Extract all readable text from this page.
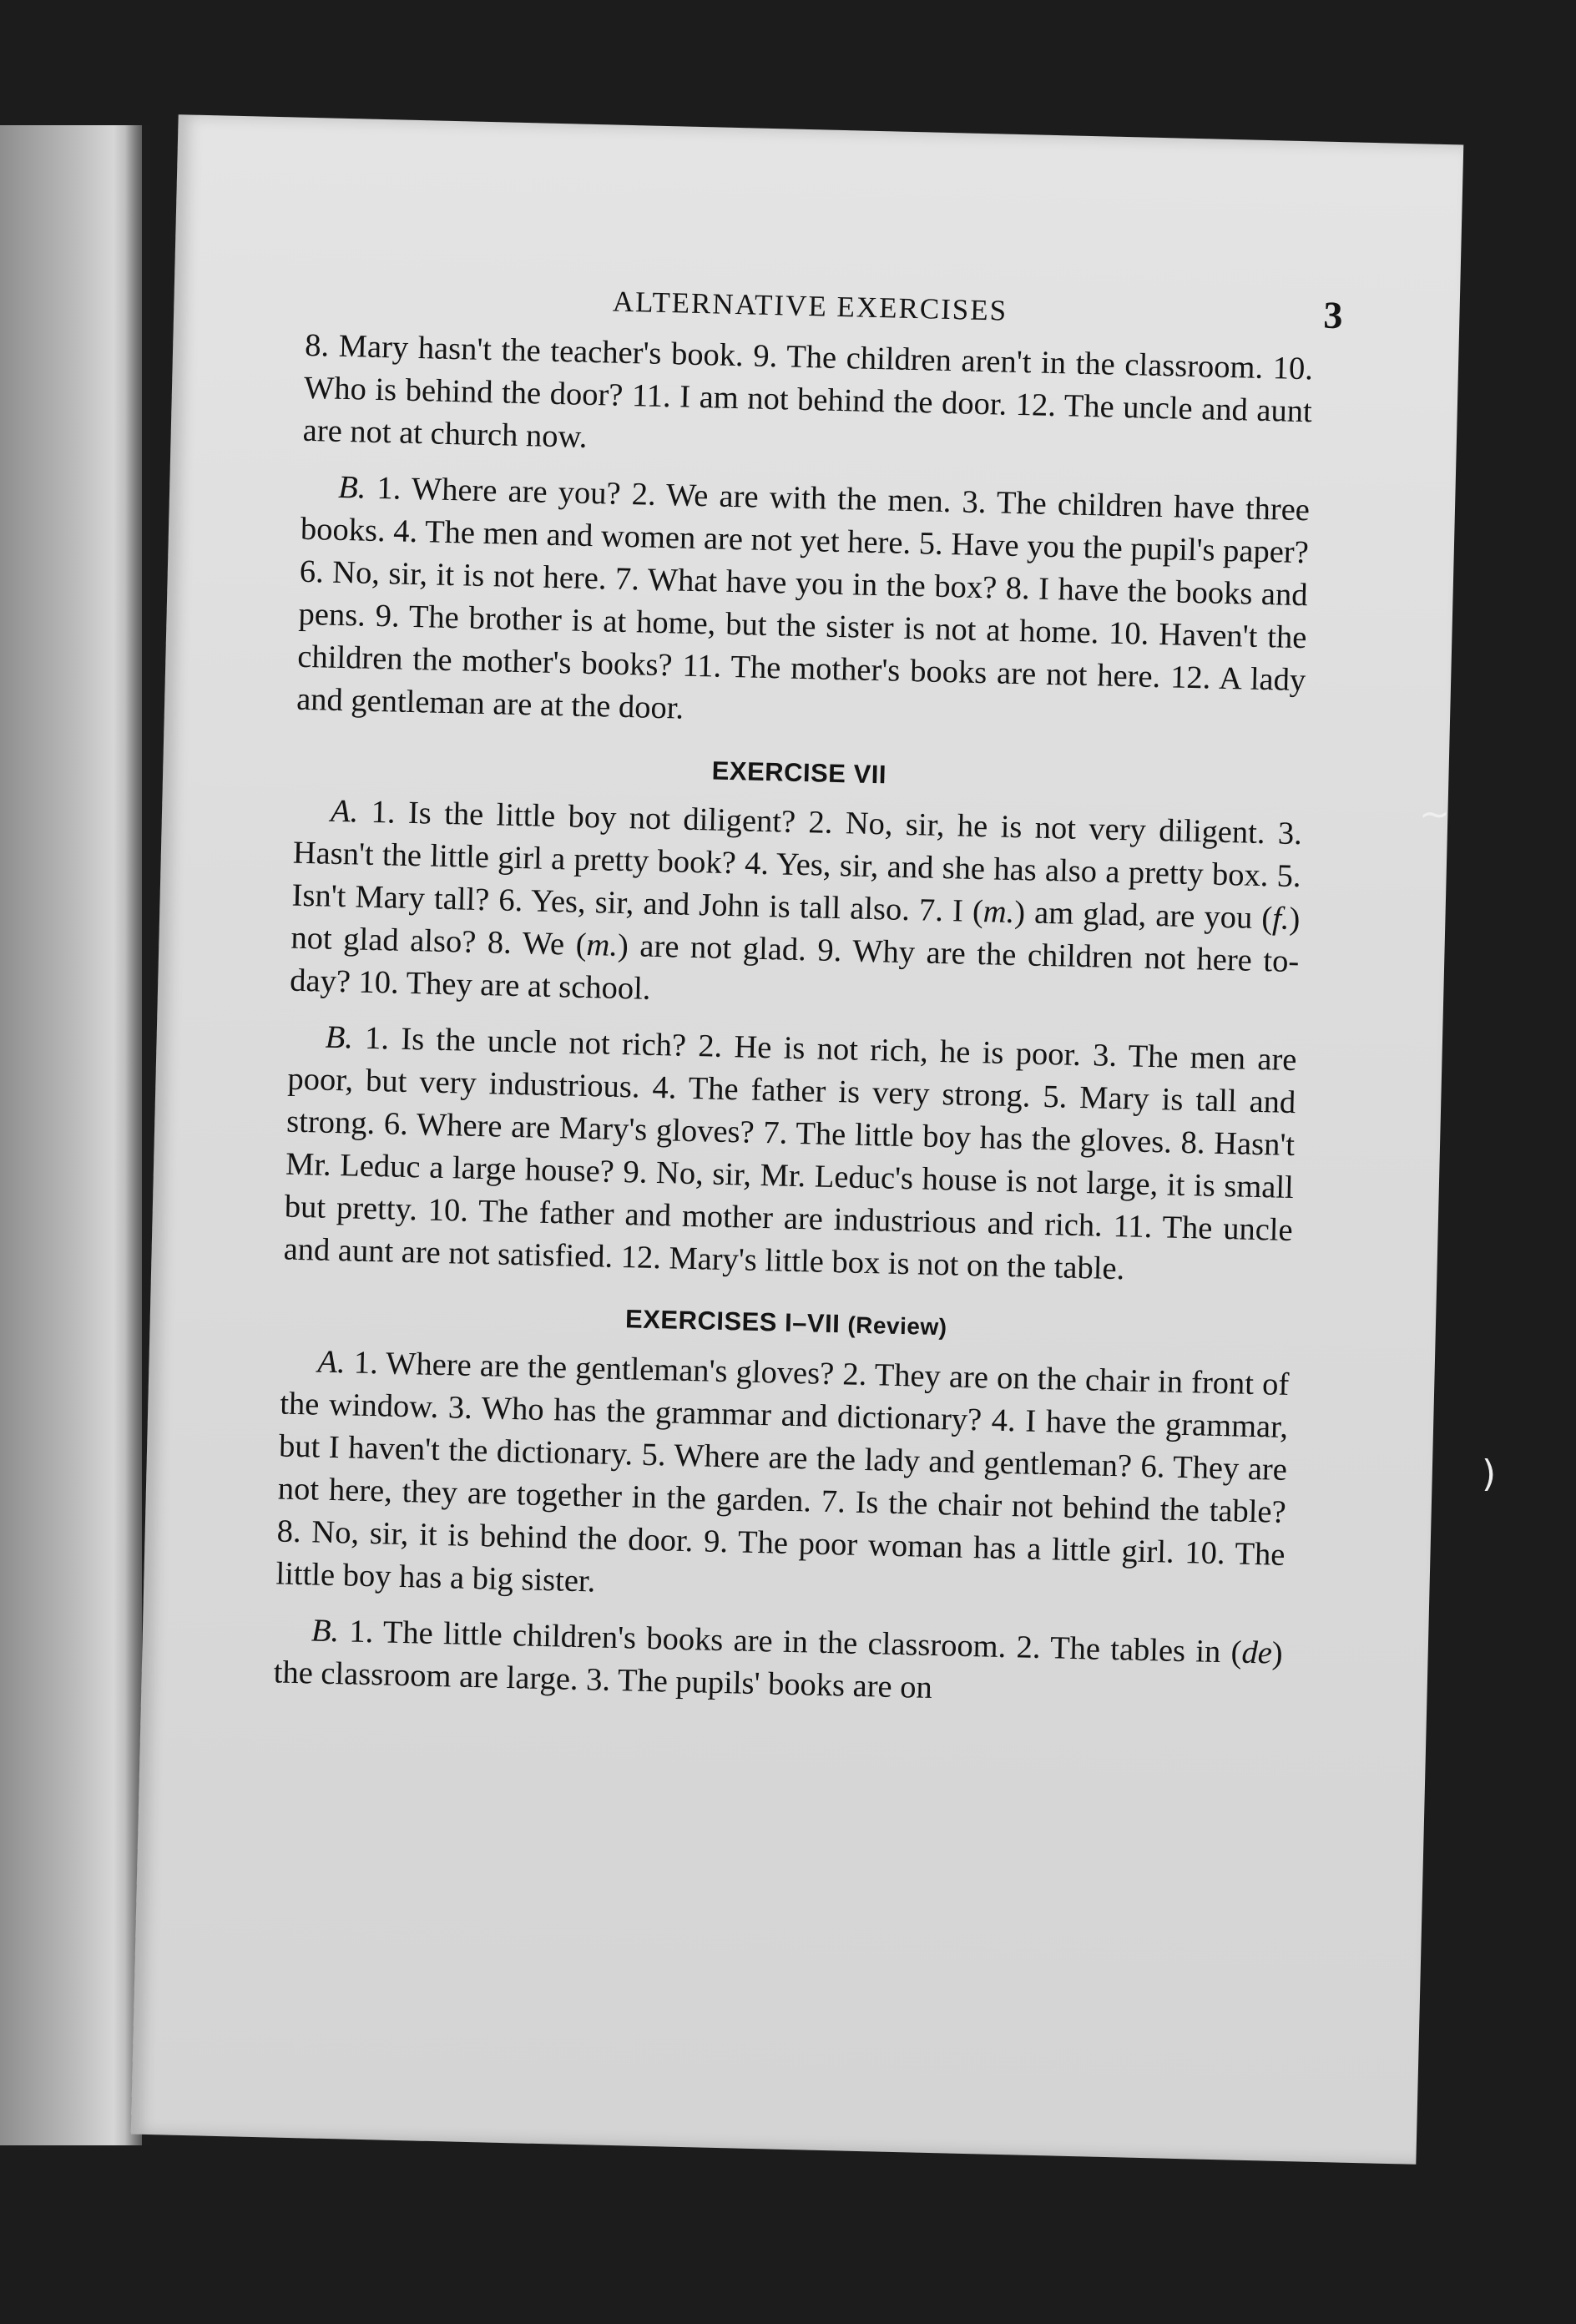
ALTERNATIVE EXERCISES	3

8. Mary hasn't the teacher's book. 9. The children aren't in the classroom. 10. Who is behind the door? 11. I am not behind the door. 12. The uncle and aunt are not at church now.

B. 1. Where are you? 2. We are with the men. 3. The children have three books. 4. The men and women are not yet here. 5. Have you the pupil's paper? 6. No, sir, it is not here. 7. What have you in the box? 8. I have the books and pens. 9. The brother is at home, but the sister is not at home. 10. Haven't the children the mother's books? 11. The mother's books are not here. 12. A lady and gentleman are at the door.

EXERCISE VII

A. 1. Is the little boy not diligent? 2. No, sir, he is not very diligent. 3. Hasn't the little girl a pretty book? 4. Yes, sir, and she has also a pretty box. 5. Isn't Mary tall? 6. Yes, sir, and John is tall also. 7. I (m.) am glad, are you (f.) not glad also? 8. We (m.) are not glad. 9. Why are the children not here to-day? 10. They are at school.

B. 1. Is the uncle not rich? 2. He is not rich, he is poor. 3. The men are poor, but very industrious. 4. The father is very strong. 5. Mary is tall and strong. 6. Where are Mary's gloves? 7. The little boy has the gloves. 8. Hasn't Mr. Leduc a large house? 9. No, sir, Mr. Leduc's house is not large, it is small but pretty. 10. The father and mother are industrious and rich. 11. The uncle and aunt are not satisfied. 12. Mary's little box is not on the table.

EXERCISES I–VII (Review)

A. 1. Where are the gentleman's gloves? 2. They are on the chair in front of the window. 3. Who has the grammar and dictionary? 4. I have the grammar, but I haven't the dictionary. 5. Where are the lady and gentleman? 6. They are not here, they are together in the garden. 7. Is the chair not behind the table? 8. No, sir, it is behind the door. 9. The poor woman has a little girl. 10. The little boy has a big sister.

B. 1. The little children's books are in the classroom. 2. The tables in (de) the classroom are large. 3. The pupils' books are on

~
)
